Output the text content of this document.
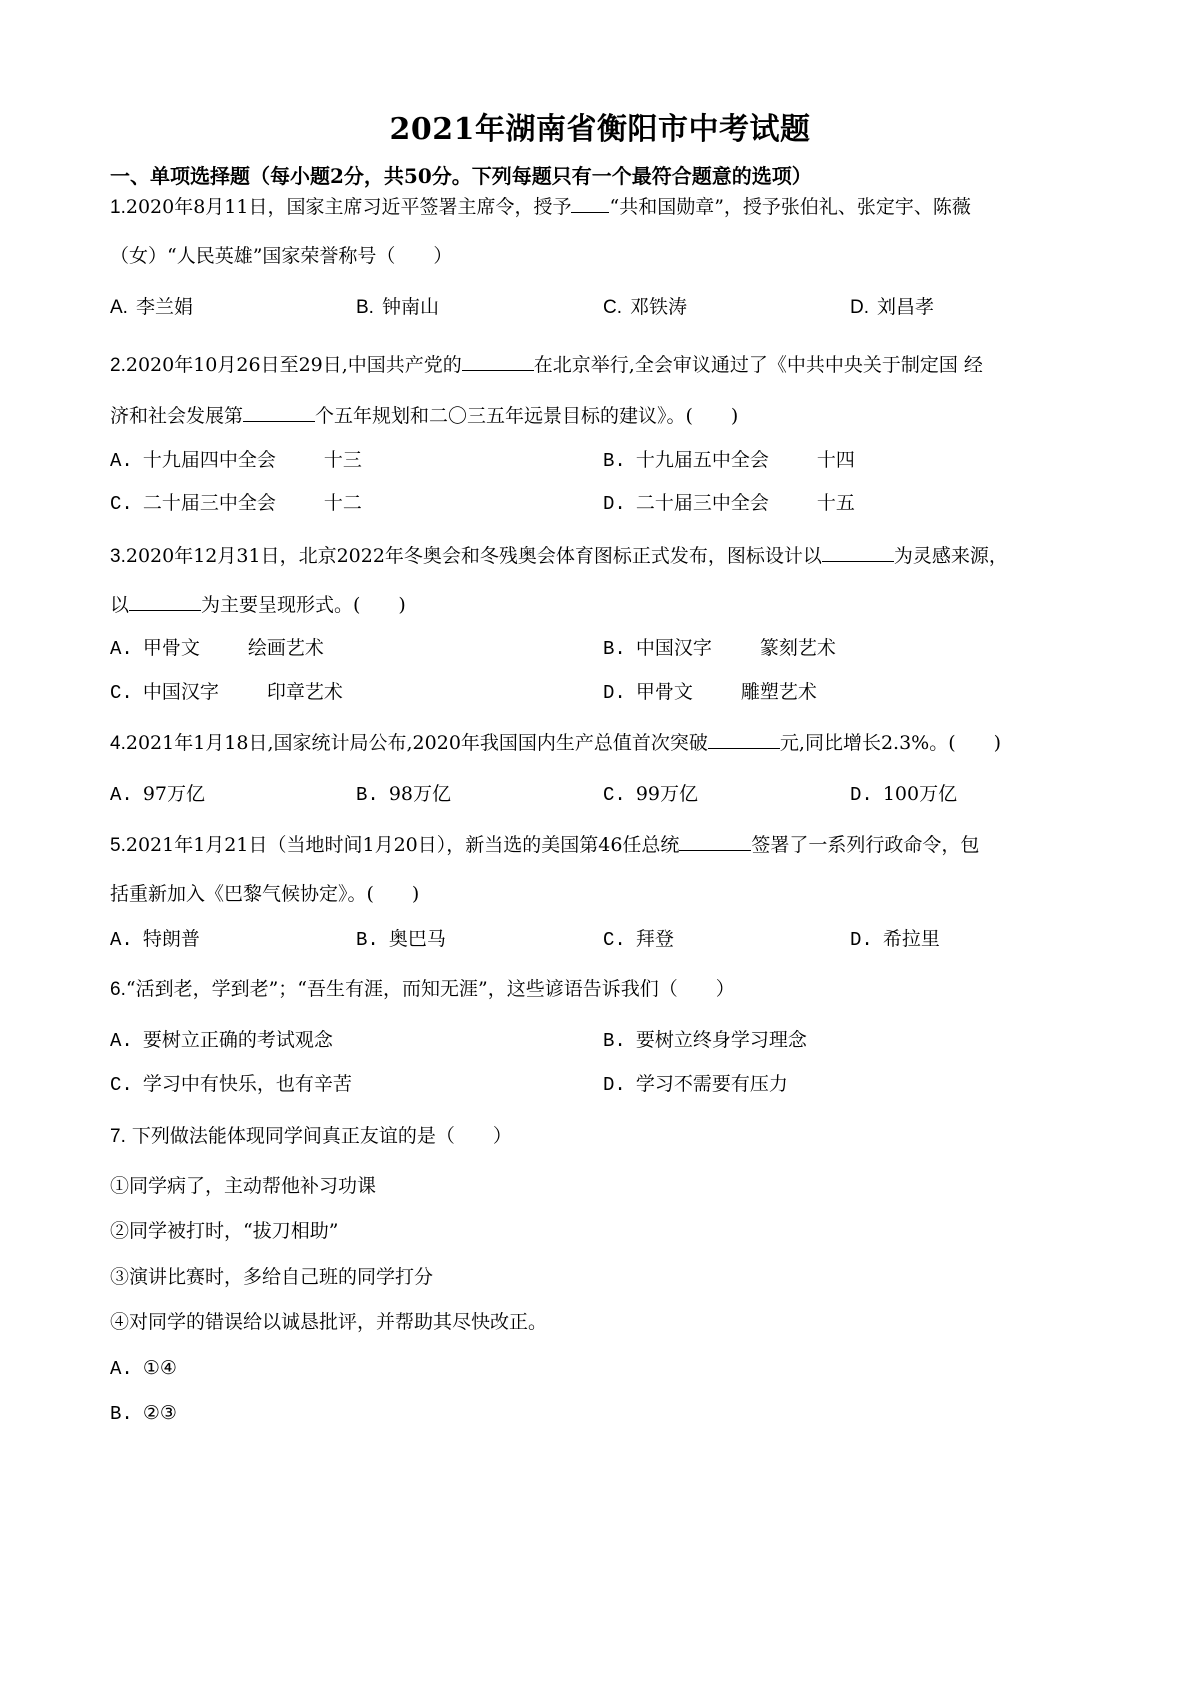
2021年湖南省衡阳市中考试题
一、单项选择题（每小题2分，共50分。下列每题只有一个最符合题意的选项）
1.2020年8月11日，国家主席习近平签署主席令，授予 “共和国勋章”，授予张伯礼、张定宇、陈薇
（女）“人民英雄”国家荣誉称号（　　）
A. 李兰娟	B. 钟南山	C. 邓铁涛	D. 刘昌孝
2.2020年10月26日至29日,中国共产党的	在北京举行,全会审议通过了《中共中央关于制定国 经
济和社会发展第	个五年规划和二〇三五年远景目标的建议》。(　　)
A. 十九届四中全会	十三	B. 十九届五中全会	十四
C. 二十届三中全会	十二	D. 二十届三中全会	十五
3.2020年12月31日，北京2022年冬奥会和冬残奥会体育图标正式发布，图标设计以	为灵感来源，
以	为主要呈现形式。(　　)
A. 甲骨文	绘画艺术	B. 中国汉字	篆刻艺术
C. 中国汉字	印章艺术	D. 甲骨文	雕塑艺术
4.2021年1月18日,国家统计局公布,2020年我国国内生产总值首次突破	元,同比增长2.3%。(　　)
A. 97万亿	B. 98万亿	C. 99万亿	D. 100万亿
5.2021年1月21日（当地时间1月20日），新当选的美国第46任总统	签署了一系列行政命令，包
括重新加入《巴黎气候协定》。(　　)
A. 特朗普	B. 奥巴马	C. 拜登	D. 希拉里
6.“活到老，学到老”；“吾生有涯，而知无涯”，这些谚语告诉我们（　　）
A. 要树立正确的考试观念	B. 要树立终身学习理念
C. 学习中有快乐，也有辛苦	D. 学习不需要有压力
7. 下列做法能体现同学间真正友谊的是（　　）
①同学病了，主动帮他补习功课
②同学被打时，“拔刀相助”
③演讲比赛时，多给自己班的同学打分
④对同学的错误给以诚恳批评，并帮助其尽快改正。
A. ①④
B. ②③
